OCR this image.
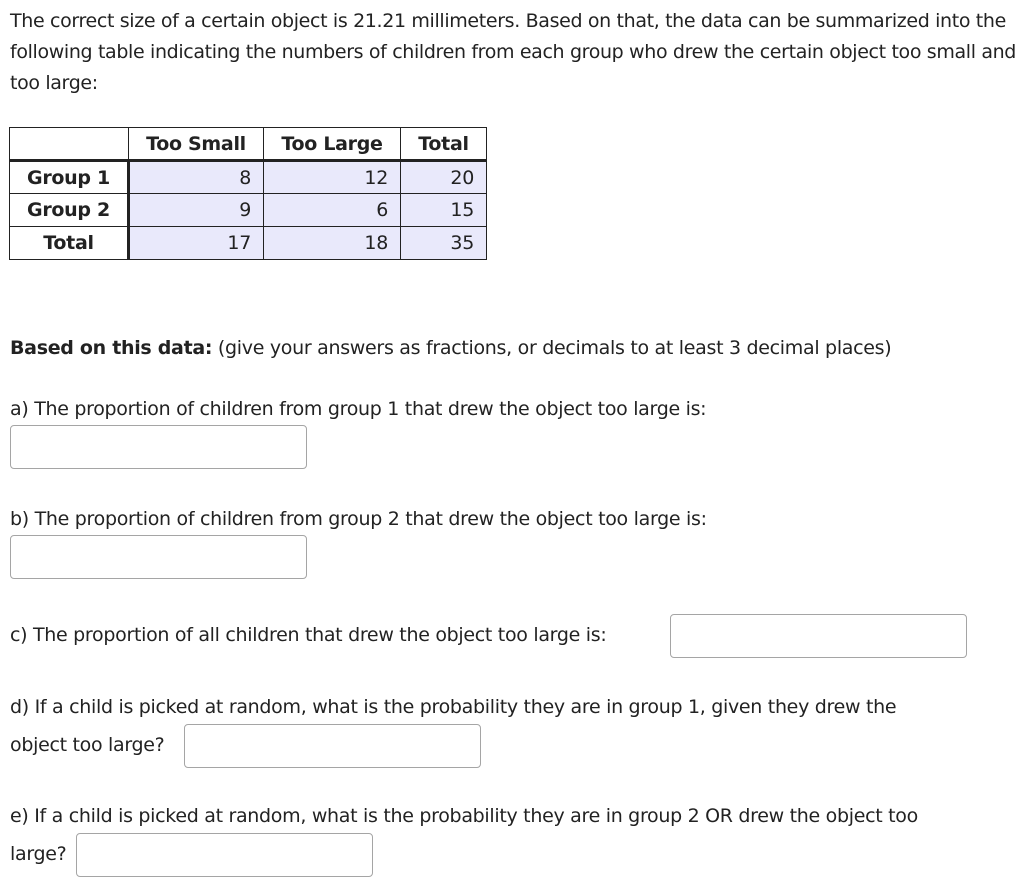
The correct size of a certain object is 21.21 millimeters. Based on that, the data can be summarized into the following table indicating the numbers of children from each group who drew the certain object too small and too large:

	Too Small	Too Large	Total
Group 1	8	12	20
Group 2	9	6	15
Total	17	18	35

Based on this data: (give your answers as fractions, or decimals to at least 3 decimal places)

a) The proportion of children from group 1 that drew the object too large is:

b) The proportion of children from group 2 that drew the object too large is:

c) The proportion of all children that drew the object too large is:

d) If a child is picked at random, what is the probability they are in group 1, given they drew the

object too large?

e) If a child is picked at random, what is the probability they are in group 2 OR drew the object too

large?
